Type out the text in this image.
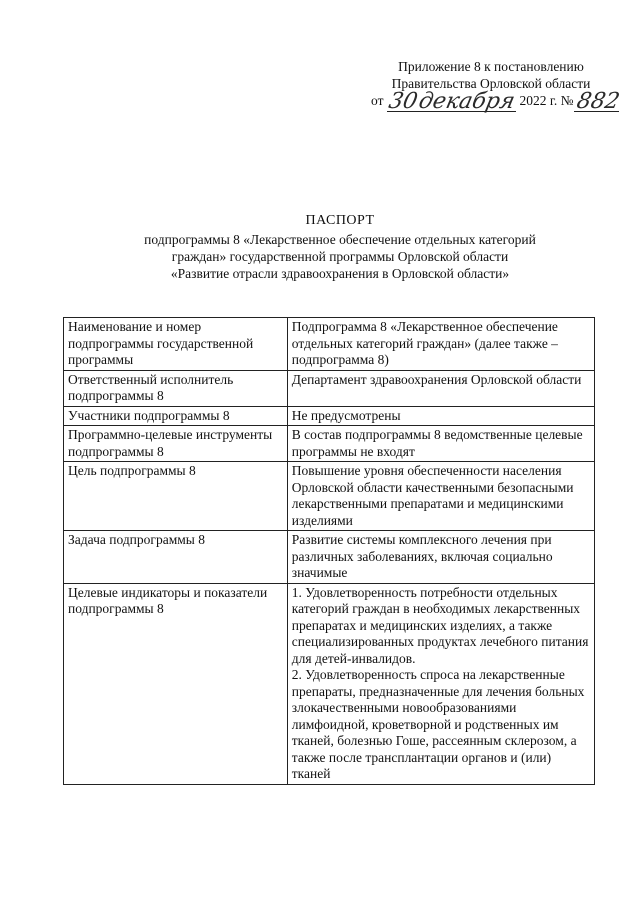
Приложение 8 к постановлению
Правительства Орловской области
от 30декабря 2022 г. №882
ПАСПОРТ
подпрограммы 8 «Лекарственное обеспечение отдельных категорий
граждан» государственной программы Орловской области
«Развитие отрасли здравоохранения в Орловской области»
Наименование и номер подпрограммы государственной программы	Подпрограмма 8 «Лекарственное обеспечение отдельных категорий граждан» (далее также – подпрограмма 8)
Ответственный исполнитель подпрограммы 8	Департамент здравоохранения Орловской области
Участники подпрограммы 8	Не предусмотрены
Программно-целевые инструменты подпрограммы 8	В состав подпрограммы 8 ведомственные целевые программы не входят
Цель подпрограммы 8	Повышение уровня обеспеченности населения Орловской области качественными безопасными лекарственными препаратами и медицинскими изделиями
Задача подпрограммы 8	Развитие системы комплексного лечения при различных заболеваниях, включая социально значимые
Целевые индикаторы и показатели подпрограммы 8	1. Удовлетворенность потребности отдельных категорий граждан в необходимых лекарственных препаратах и медицинских изделиях, а также специализированных продуктах лечебного питания для детей-инвалидов.
2. Удовлетворенность спроса на лекарственные препараты, предназначенные для лечения больных злокачественными новообразованиями лимфоидной, кроветворной и родственных им тканей, болезнью Гоше, рассеянным склерозом, а также после трансплантации органов и (или) тканей
